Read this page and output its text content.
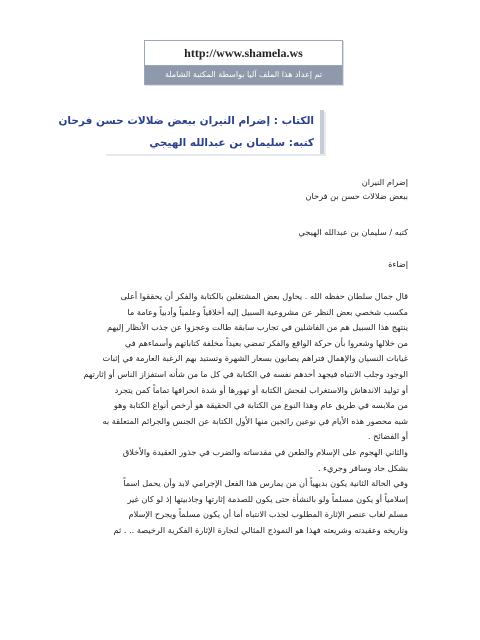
http://www.shamela.ws
تم إعداد هذا الملف آليا بواسطة المكتبة الشاملة
الكتاب : إضرام النيران ببعض ضلالات حسن فرحان
كتبه: سليمان بن عبدالله الهيجي
إضرام النيران
ببعض ضلالات حسن بن فرحان
كتبه / سليمان بن عبدالله الهيجي
إضاءة
قال جمال سلطان حفظه الله . يحاول بعض المشتغلين بالكتابة والفكر أن يحققوا أعلى
مكسب شخصي بعض النظر عن مشروعية السبيل إليه أخلاقياً وعلمياً وأدبياً وعامة ما
ينتهج هذا السبيل هم من الفاشلين في تجارب سابقة طالت وعجزوا عن جذب الأنظار إليهم
من خلالها وشعروا بأن حركة الواقع والفكر تمضي بعيداً مخلفة كتاباتهم وأسماءهم في
غيابات النسيان والإهمال فتراهم يصابون بسعار الشهرة وتستبد بهم الرغبة العارمة في إثبات
الوجود وجلب الانتباه فيجهد أحدهم نفسه في الكتابة في كل ما من شأنه استفزاز الناس أو إثارتهم
أو توليد الاندهاش والاستغراب لفحش الكتابة أو تهورها أو شدة انحرافها تماماً كمن يتجرد
من ملابسه في طريق عام وهذا النوع من الكتابة في الحقيقة هو أرخص أنواع الكتابة وهو
شبه محصور هذه الأيام في نوعين رائجين منها الأول الكتابة عن الجنس والجرائم المتعلقة به
أو الفضائح .
والثاني الهجوم على الإسلام والطعن في مقدساته والضرب في جذور العقيدة والأخلاق
بشكل حاد وسافر وجريء .
وفي الحالة الثانية يكون بديهياً أن من يمارس هذا الفعل الإجرامي لابد وأن يحمل اسماً
إسلامياً أو يكون مسلماً ولو بالنشأة حتى يكون للصدمة إثارتها وجاذبيتها إذ لو كان غير
مسلم لغاب عنصر الإثارة المطلوب لجذب الانتباه أما أن يكون مسلماً ويجرح الإسلام
وتاريخه وعقيدته وشريعته فهذا هو النموذج المثالي لتجارة الإثارة الفكرية الرخيصة .. . ثم
